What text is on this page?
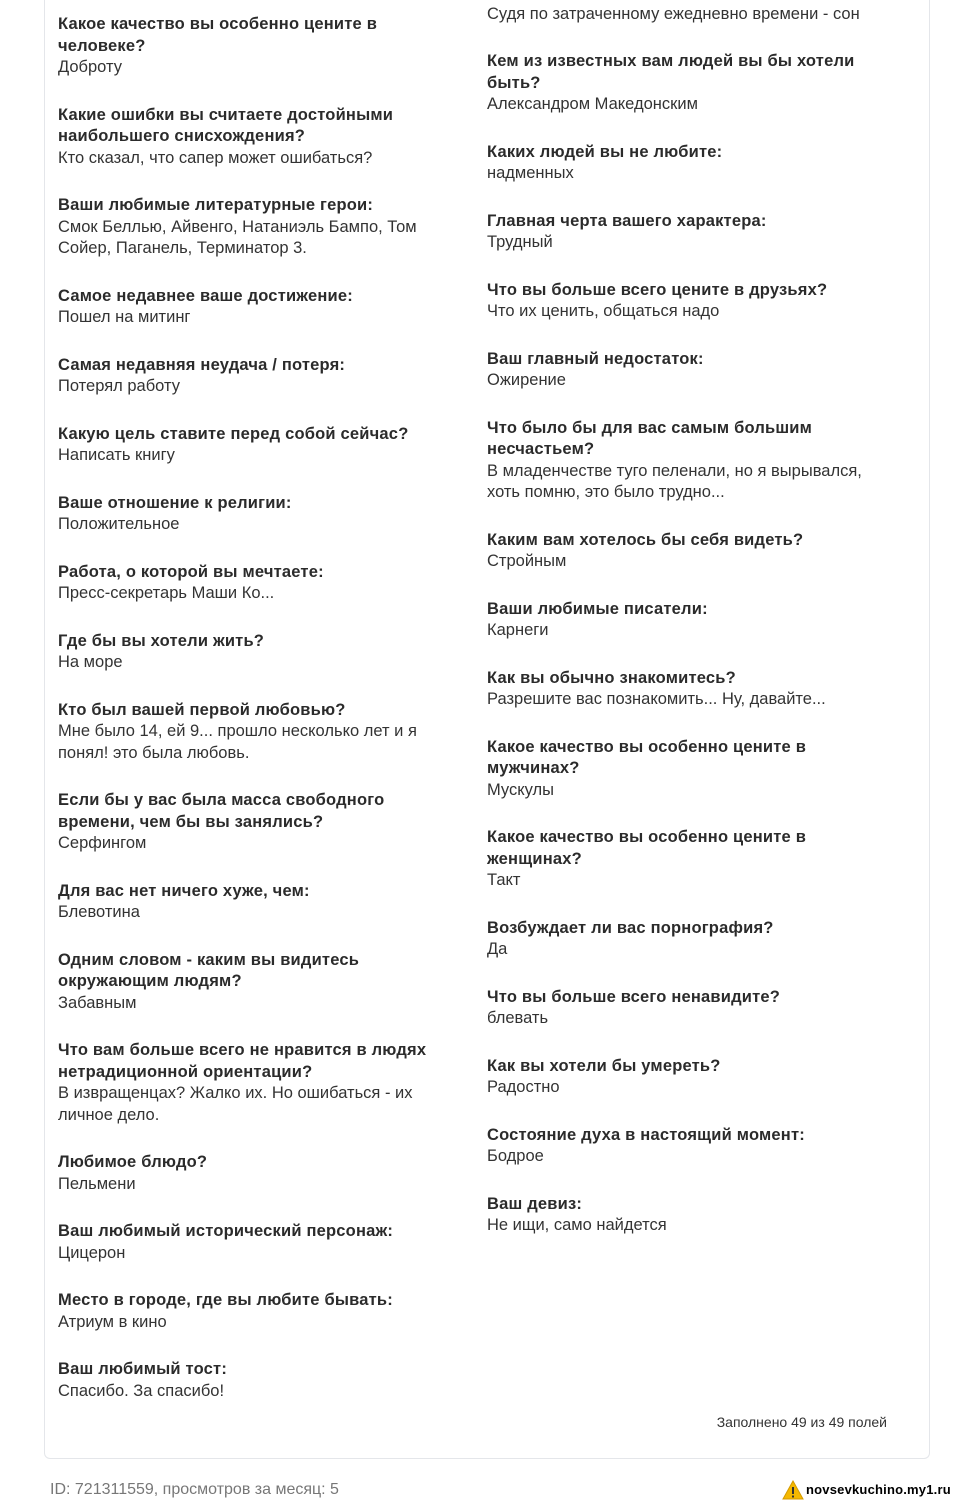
Какое качество вы особенно цените в человеке?
Доброту
Какие ошибки вы считаете достойными наибольшего снисхождения?
Кто сказал, что сапер может ошибаться?
Ваши любимые литературные герои:
Смок Беллью, Айвенго, Натаниэль Бампо, Том Сойер, Паганель, Терминатор 3.
Самое недавнее ваше достижение:
Пошел на митинг
Самая недавняя неудача / потеря:
Потерял работу
Какую цель ставите перед собой сейчас?
Написать книгу
Ваше отношение к религии:
Положительное
Работа, о которой вы мечтаете:
Пресс-секретарь Маши Ко...
Где бы вы хотели жить?
На море
Кто был вашей первой любовью?
Мне было 14, ей 9... прошло несколько лет и я понял! это была любовь.
Если бы у вас была масса свободного времени, чем бы вы занялись?
Серфингом
Для вас нет ничего хуже, чем:
Блевотина
Одним словом - каким вы видитесь окружающим людям?
Забавным
Что вам больше всего не нравится в людях нетрадиционной ориентации?
В извращенцах? Жалко их. Но ошибаться - их личное дело.
Любимое блюдо?
Пельмени
Ваш любимый исторический персонаж:
Цицерон
Место в городе, где вы любите бывать:
Атриум в кино
Ваш любимый тост:
Спасибо. За спасибо!
Судя по затраченному ежедневно времени - сон
Кем из известных вам людей вы бы хотели быть?
Александром Македонским
Каких людей вы не любите:
надменных
Главная черта вашего характера:
Трудный
Что вы больше всего цените в друзьях?
Что их ценить, общаться надо
Ваш главный недостаток:
Ожирение
Что было бы для вас самым большим несчастьем?
В младенчестве туго пеленали, но я вырывался, хоть помню, это было трудно...
Каким вам хотелось бы себя видеть?
Стройным
Ваши любимые писатели:
Карнеги
Как вы обычно знакомитесь?
Разрешите вас познакомить... Ну, давайте...
Какое качество вы особенно цените в мужчинах?
Мускулы
Какое качество вы особенно цените в женщинах?
Такт
Возбуждает ли вас порнография?
Да
Что вы больше всего ненавидите?
блевать
Как вы хотели бы умереть?
Радостно
Состояние духа в настоящий момент:
Бодрое
Ваш девиз:
Не ищи, само найдется
Заполнено 49 из 49 полей
ID: 721311559, просмотров за месяц: 5	novsevkuchino.my1.ru
